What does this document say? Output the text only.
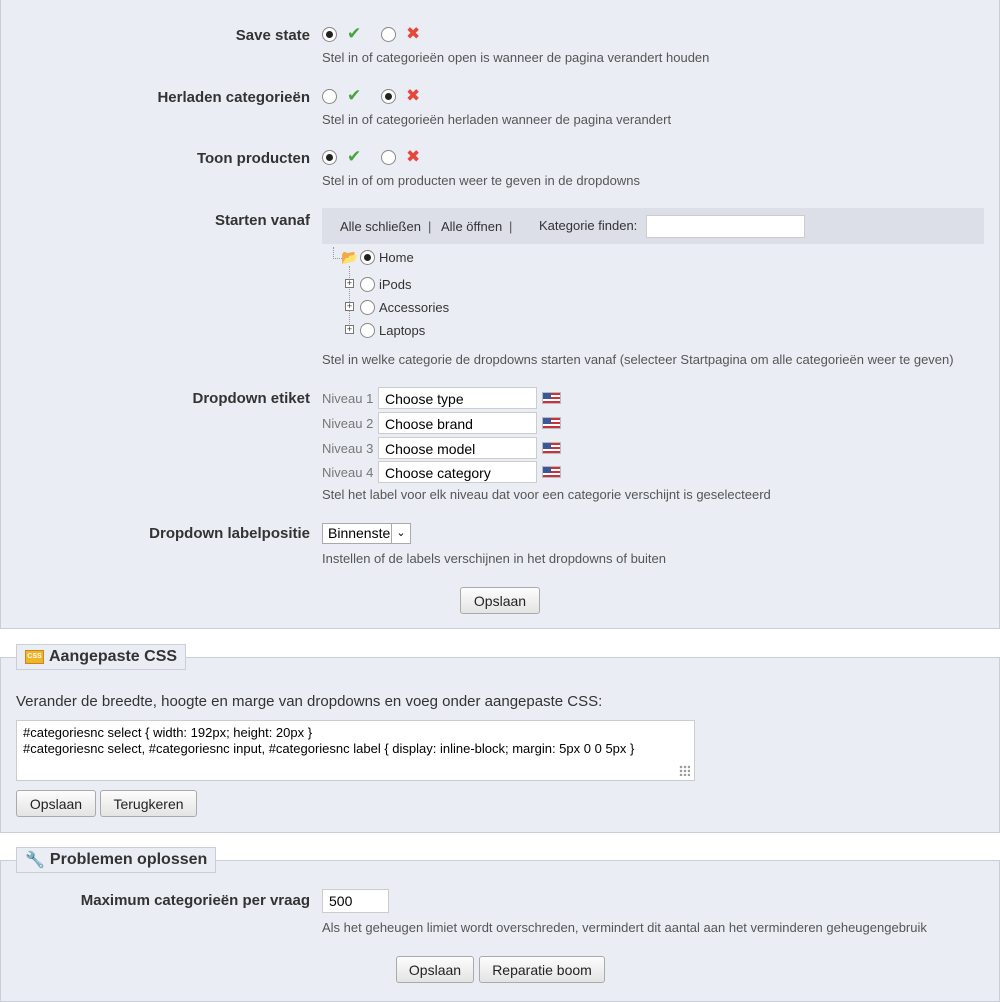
Save state ✔	✖
Stel in of categorieën open is wanneer de pagina verandert houden
Herladen categorieën ✔	✖
Stel in of categorieën herladen wanneer de pagina verandert
Toon producten ✔	✖
Stel in of om producten weer te geven in de dropdowns
Starten vanaf Alle schließen | Alle öffnen | Kategorie finden:
📂 Home
+ iPods
+ Accessories
+ Laptops
Stel in welke categorie de dropdowns starten vanaf (selecteer Startpagina om alle categorieën weer te geven)
Dropdown etiket Niveau 1 Choose type
Niveau 2 Choose brand
Niveau 3 Choose model
Niveau 4 Choose category
Stel het label voor elk niveau dat voor een categorie verschijnt is geselecteerd
Dropdown labelpositie	Binnenste ⌄
Instellen of de labels verschijnen in het dropdowns of buiten
Opslaan
CSS Aangepaste CSS
Verander de breedte, hoogte en marge van dropdowns en voeg onder aangepaste CSS:
#categoriesnc select { width: 192px; height: 20px }
#categoriesnc select, #categoriesnc input, #categoriesnc label { display: inline-block; margin: 5px 0 0 5px }
Opslaan	Terugkeren
🔧 Problemen oplossen
Maximum categorieën per vraag	500
Als het geheugen limiet wordt overschreden, vermindert dit aantal aan het verminderen geheugengebruik
Opslaan	Reparatie boom
